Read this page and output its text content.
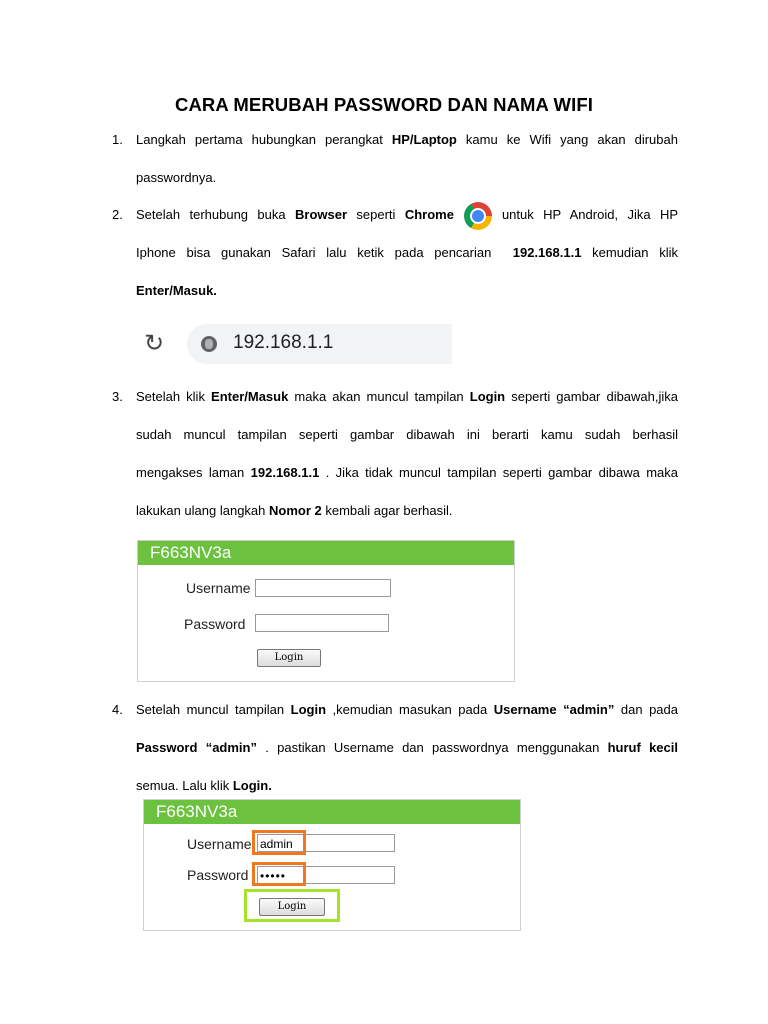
CARA MERUBAH PASSWORD DAN NAMA WIFI
1. Langkah pertama hubungkan perangkat HP/Laptop kamu ke Wifi yang akan dirubah
passwordnya.
2. Setelah terhubung buka Browser seperti Chrome	untuk HP Android, Jika HP
Iphone bisa gunakan Safari lalu ketik pada pencarian  192.168.1.1 kemudian klik
Enter/Masuk.
↻	192.168.1.1
3. Setelah klik Enter/Masuk maka akan muncul tampilan Login seperti gambar dibawah,jika
sudah muncul tampilan seperti gambar dibawah ini berarti kamu sudah berhasil
mengakses laman 192.168.1.1 . Jika tidak muncul tampilan seperti gambar dibawa maka
lakukan ulang langkah Nomor 2 kembali agar berhasil.
F663NV3a
Username
Password
Login
4. Setelah muncul tampilan Login ,kemudian masukan pada Username “admin” dan pada
Password “admin” . pastikan Username dan passwordnya menggunakan huruf kecil
semua. Lalu klik Login.
F663NV3a
Username admin
Password •••••
Login
